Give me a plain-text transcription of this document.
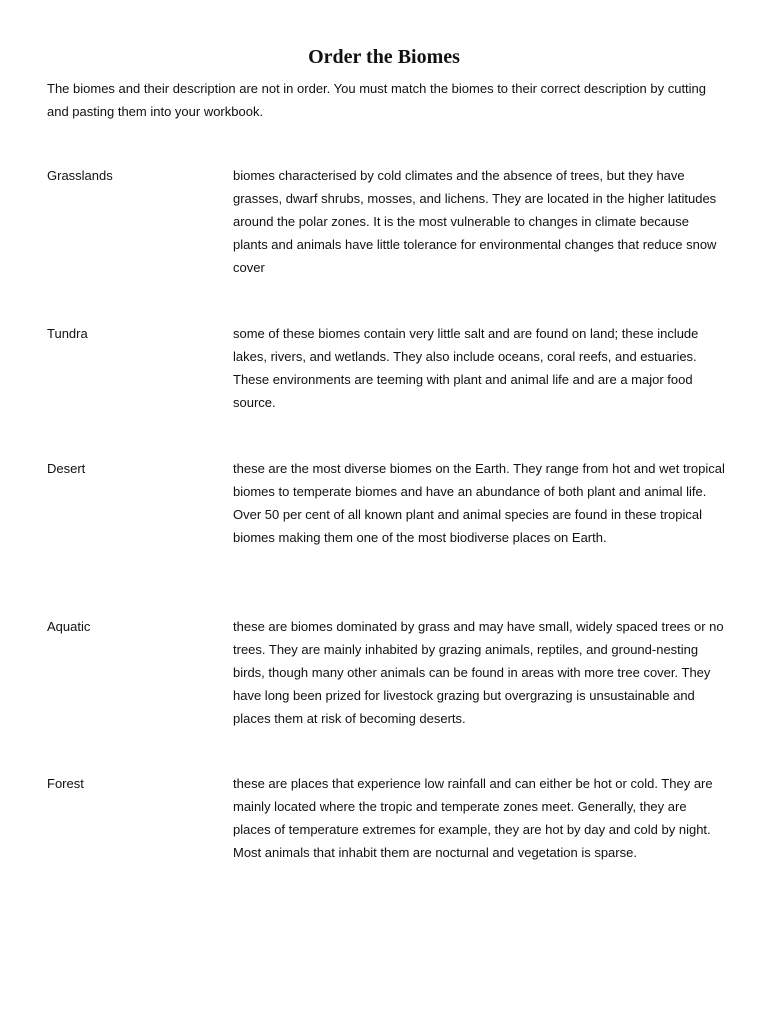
Order the Biomes
The biomes and their description are not in order. You must match the biomes to their correct description by cutting and pasting them into your workbook.
Grasslands	biomes characterised by cold climates and the absence of trees, but they have grasses, dwarf shrubs, mosses, and lichens. They are located in the higher latitudes around the polar zones. It is the most vulnerable to changes in climate because plants and animals have little tolerance for environmental changes that reduce snow cover
Tundra	some of these biomes contain very little salt and are found on land; these include lakes, rivers, and wetlands. They also include oceans, coral reefs, and estuaries. These environments are teeming with plant and animal life and are a major food source.
Desert	these are the most diverse biomes on the Earth. They range from hot and wet tropical biomes to temperate biomes and have an abundance of both plant and animal life. Over 50 per cent of all known plant and animal species are found in these tropical biomes making them one of the most biodiverse places on Earth.
Aquatic	these are biomes dominated by grass and may have small, widely spaced trees or no trees. They are mainly inhabited by grazing animals, reptiles, and ground-nesting birds, though many other animals can be found in areas with more tree cover. They have long been prized for livestock grazing but overgrazing is unsustainable and places them at risk of becoming deserts.
Forest	these are places that experience low rainfall and can either be hot or cold. They are mainly located where the tropic and temperate zones meet. Generally, they are places of temperature extremes for example, they are hot by day and cold by night. Most animals that inhabit them are nocturnal and vegetation is sparse.
